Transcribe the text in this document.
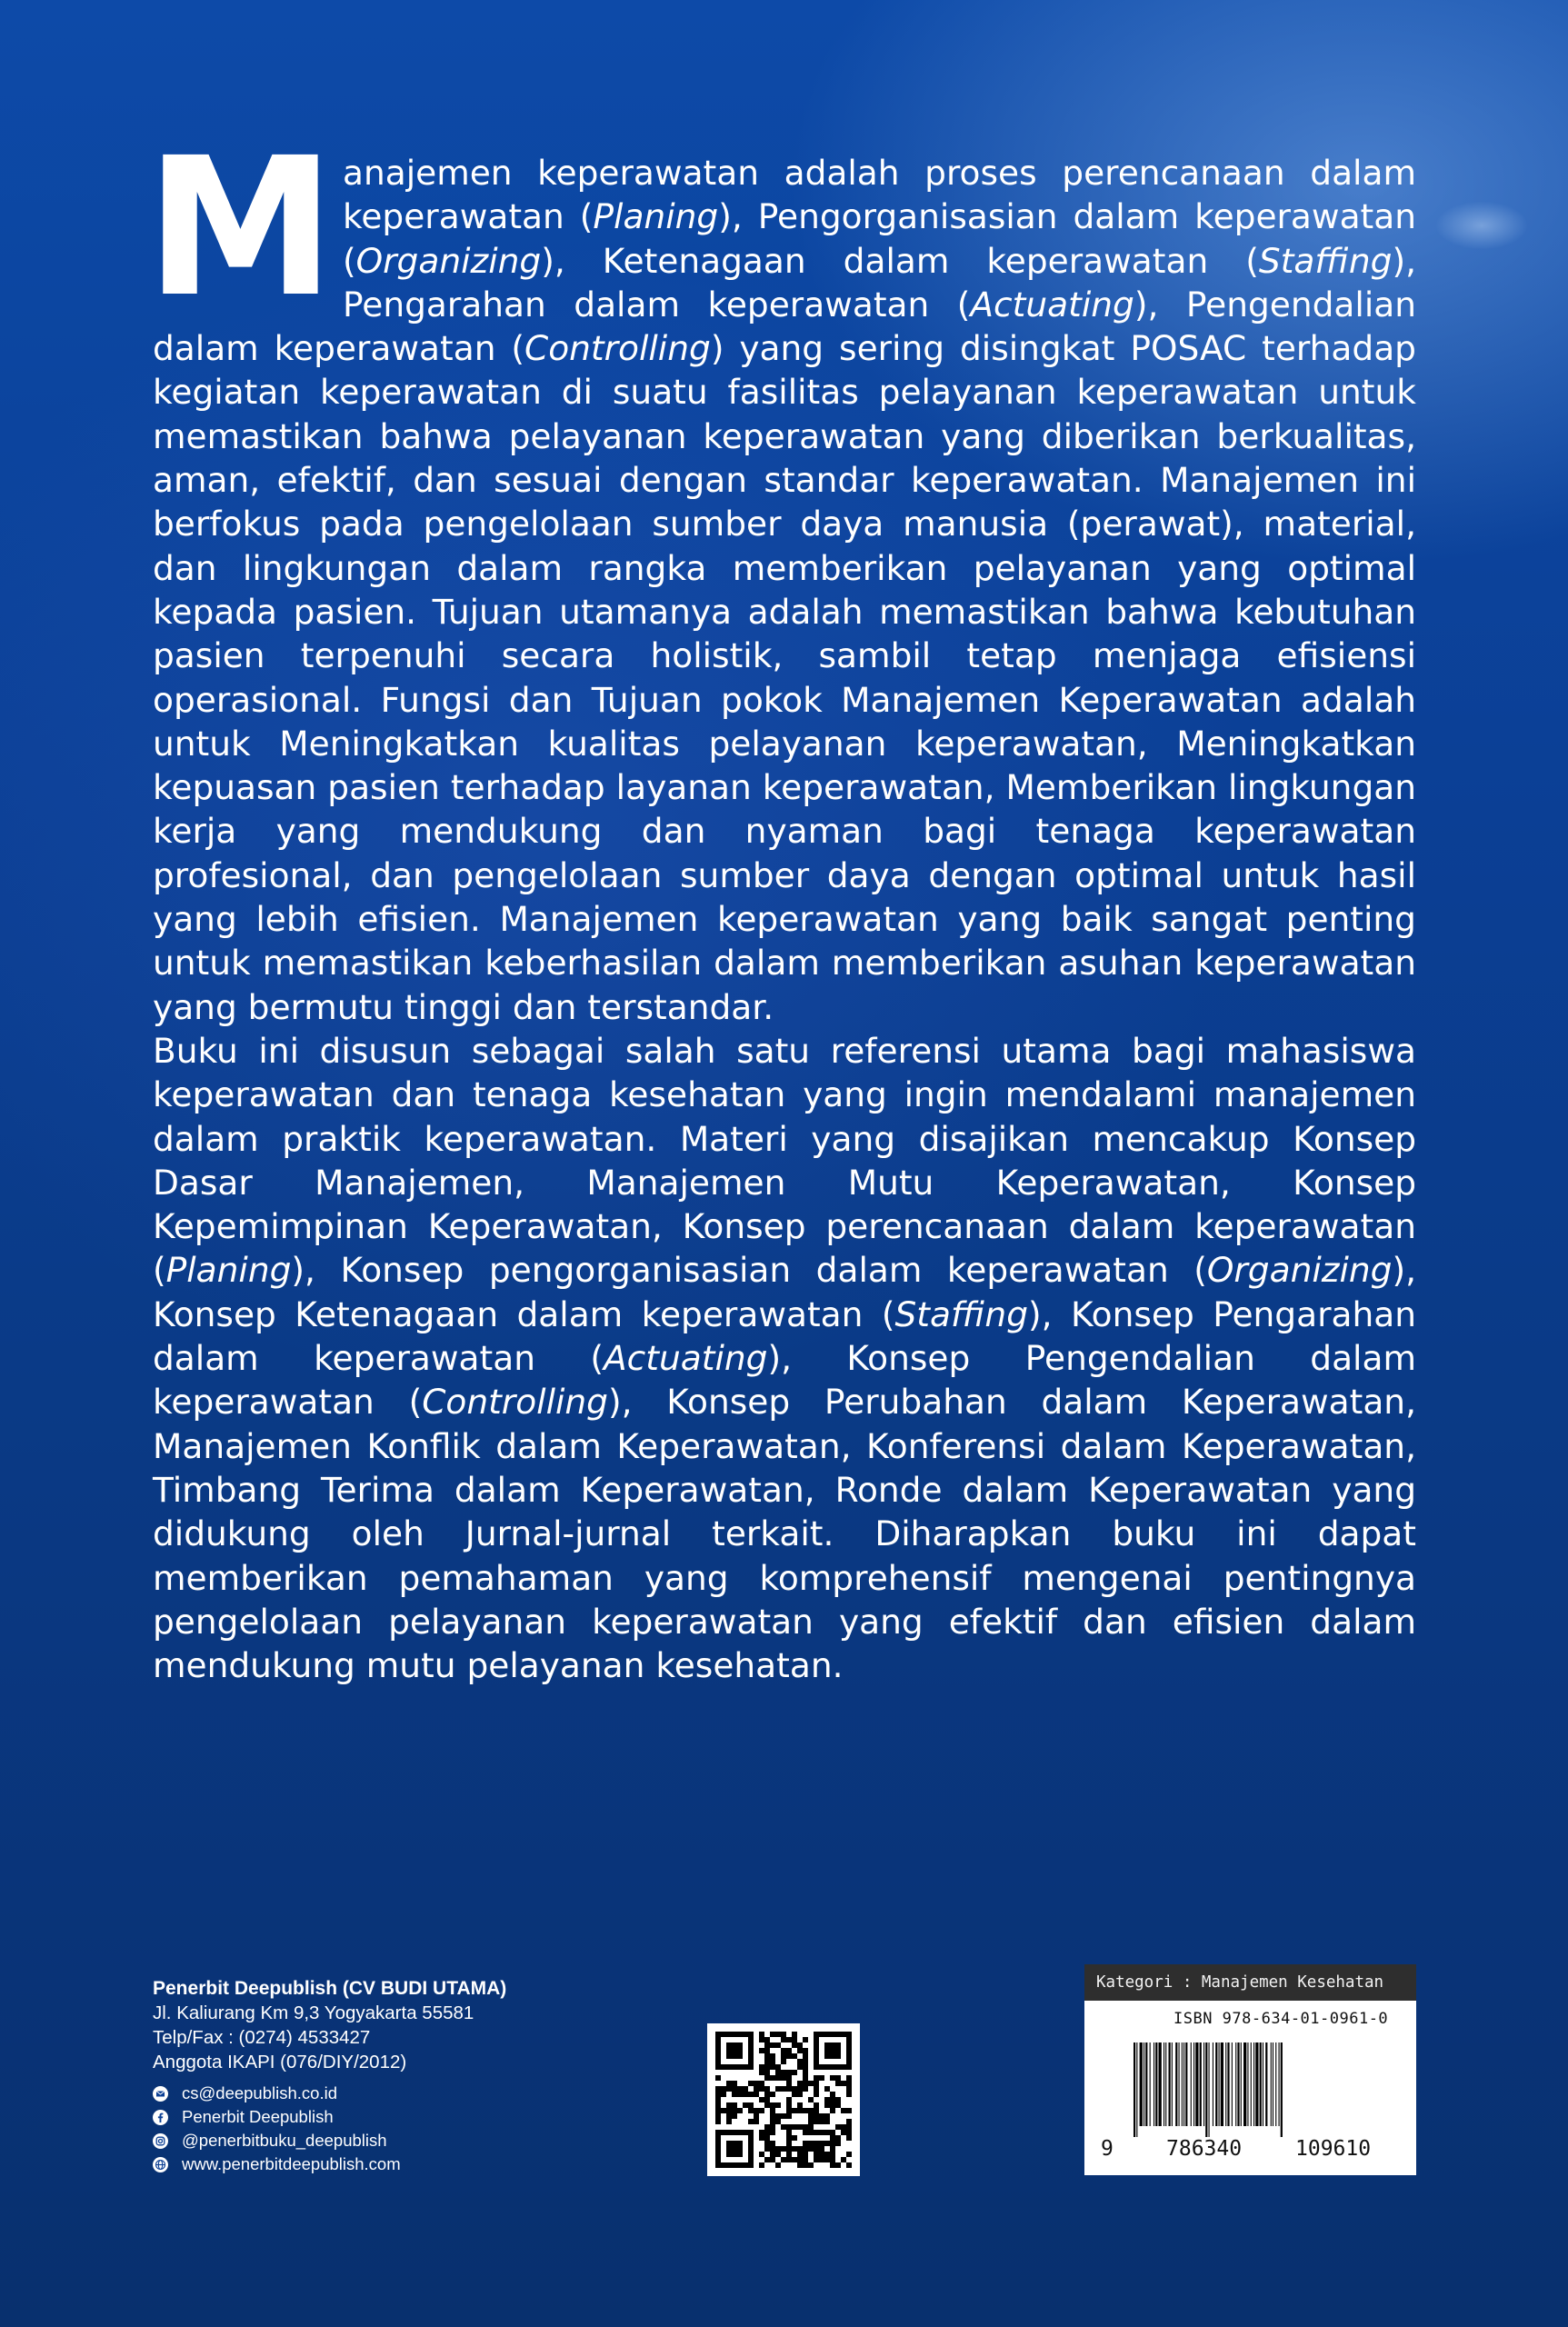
M anajemen keperawatan adalah proses perencanaan dalam keperawatan (Planing), Pengorganisasian dalam keperawatan (Organizing), Ketenagaan dalam keperawatan (Staffing), Pengarahan dalam keperawatan (Actuating), Pengendalian dalam keperawatan (Controlling) yang sering disingkat POSAC terhadap kegiatan keperawatan di suatu fasilitas pelayanan keperawatan untuk memastikan bahwa pelayanan keperawatan yang diberikan berkualitas, aman, efektif, dan sesuai dengan standar keperawatan. Manajemen ini berfokus pada pengelolaan sumber daya manusia (perawat), material, dan lingkungan dalam rangka memberikan pelayanan yang optimal kepada pasien. Tujuan utamanya adalah memastikan bahwa kebutuhan pasien terpenuhi secara holistik, sambil tetap menjaga efisiensi operasional. Fungsi dan Tujuan pokok Manajemen Keperawatan adalah untuk Meningkatkan kualitas pelayanan keperawatan, Meningkatkan kepuasan pasien terhadap layanan keperawatan, Memberikan lingkungan kerja yang mendukung dan nyaman bagi tenaga keperawatan profesional, dan pengelolaan sumber daya dengan optimal untuk hasil yang lebih efisien. Manajemen keperawatan yang baik sangat penting untuk memastikan keberhasilan dalam memberikan asuhan keperawatan yang bermutu tinggi dan terstandar.

Buku ini disusun sebagai salah satu referensi utama bagi mahasiswa keperawatan dan tenaga kesehatan yang ingin mendalami manajemen dalam praktik keperawatan. Materi yang disajikan mencakup Konsep Dasar Manajemen, Manajemen Mutu Keperawatan, Konsep Kepemimpinan Keperawatan, Konsep perencanaan dalam keperawatan (Planing), Konsep pengorganisasian dalam keperawatan (Organizing), Konsep Ketenagaan dalam keperawatan (Staffing), Konsep Pengarahan dalam keperawatan (Actuating), Konsep Pengendalian dalam keperawatan (Controlling), Konsep Perubahan dalam Keperawatan, Manajemen Konflik dalam Keperawatan, Konferensi dalam Keperawatan, Timbang Terima dalam Keperawatan, Ronde dalam Keperawatan yang didukung oleh Jurnal-jurnal terkait. Diharapkan buku ini dapat memberikan pemahaman yang komprehensif mengenai pentingnya pengelolaan pelayanan keperawatan yang efektif dan efisien dalam mendukung mutu pelayanan kesehatan.

Penerbit Deepublish (CV BUDI UTAMA)
Jl. Kaliurang Km 9,3 Yogyakarta 55581
Telp/Fax : (0274) 4533427
Anggota IKAPI (076/DIY/2012)
cs@deepublish.co.id
Penerbit Deepublish
@penerbitbuku_deepublish
www.penerbitdeepublish.com
Kategori : Manajemen Kesehatan
ISBN 978-634-01-0961-0
9	786340	109610
